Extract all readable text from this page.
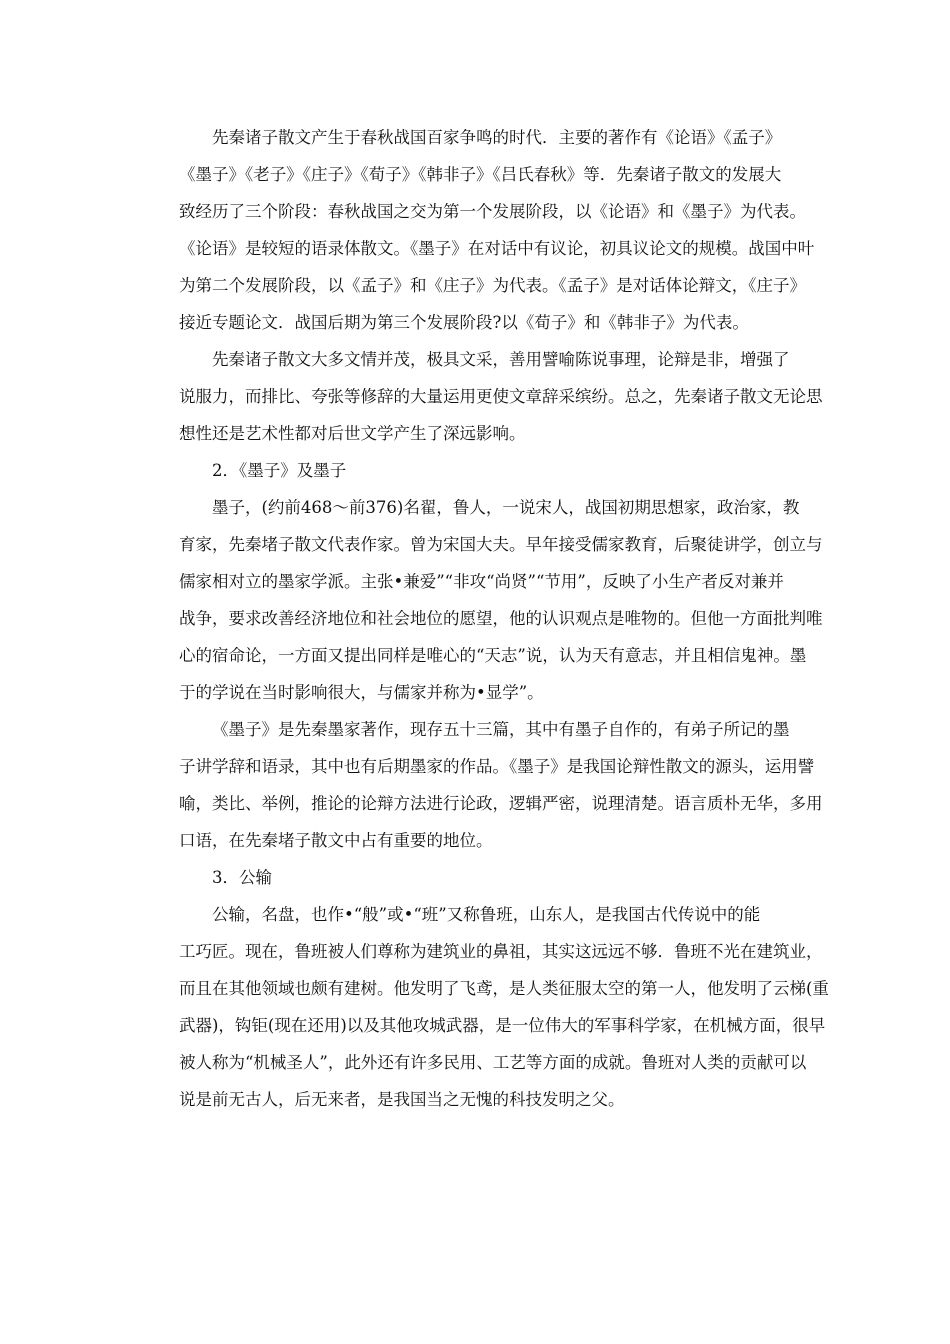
先秦诸子散文产生于春秋战国百家争鸣的时代．主要的著作有《论语》《孟子》
《墨子》《老子》《庄子》《荀子》《韩非子》《吕氏春秋》等．先秦诸子散文的发展大
致经历了三个阶段：春秋战国之交为第一个发展阶段，以《论语》和《墨子》为代表。
《论语》是较短的语录体散文。《墨子》在对话中有议论，初具议论文的规模。战国中叶
为第二个发展阶段，以《孟子》和《庄子》为代表。《孟子》是对话体论辩文，《庄子》
接近专题论文．战国后期为第三个发展阶段?以《荀子》和《韩非子》为代表。

先秦诸子散文大多文情并茂，极具文采，善用譬喻陈说事理，论辩是非，增强了
说服力，而排比、夸张等修辞的大量运用更使文章辞采缤纷。总之，先秦诸子散文无论思
想性还是艺术性都对后世文学产生了深远影响。

2．《墨子》及墨子

墨子，(约前468～前376)名翟，鲁人，一说宋人，战国初期思想家，政治家，教
育家，先秦堵子散文代表作家。曾为宋国大夫。早年接受儒家教育，后聚徒讲学，创立与
儒家相对立的墨家学派。主张•兼爱”“非攻“尚贤”“节用”，反映了小生产者反对兼并
战争，要求改善经济地位和社会地位的愿望，他的认识观点是唯物的。但他一方面批判唯
心的宿命论，一方面又提出同样是唯心的“天志”说，认为天有意志，并且相信鬼神。墨
于的学说在当时影响很大，与儒家并称为•显学”。

《墨子》是先秦墨家著作，现存五十三篇，其中有墨子自作的，有弟子所记的墨
子讲学辞和语录，其中也有后期墨家的作品。《墨子》是我国论辩性散文的源头，运用譬
喻，类比、举例，推论的论辩方法进行论政，逻辑严密，说理清楚。语言质朴无华，多用
口语，在先秦堵子散文中占有重要的地位。

3．公输

公输，名盘，也作•“般”或•“班”又称鲁班，山东人，是我国古代传说中的能
工巧匠。现在，鲁班被人们尊称为建筑业的鼻祖，其实这远远不够．鲁班不光在建筑业，
而且在其他领域也颇有建树。他发明了飞鸢，是人类征服太空的第一人，他发明了云梯(重
武器)，钩钜(现在还用)以及其他攻城武器，是一位伟大的军事科学家，在机械方面，很早
被人称为“机械圣人”，此外还有许多民用、工艺等方面的成就。鲁班对人类的贡献可以
说是前无古人，后无来者，是我国当之无愧的科技发明之父。
